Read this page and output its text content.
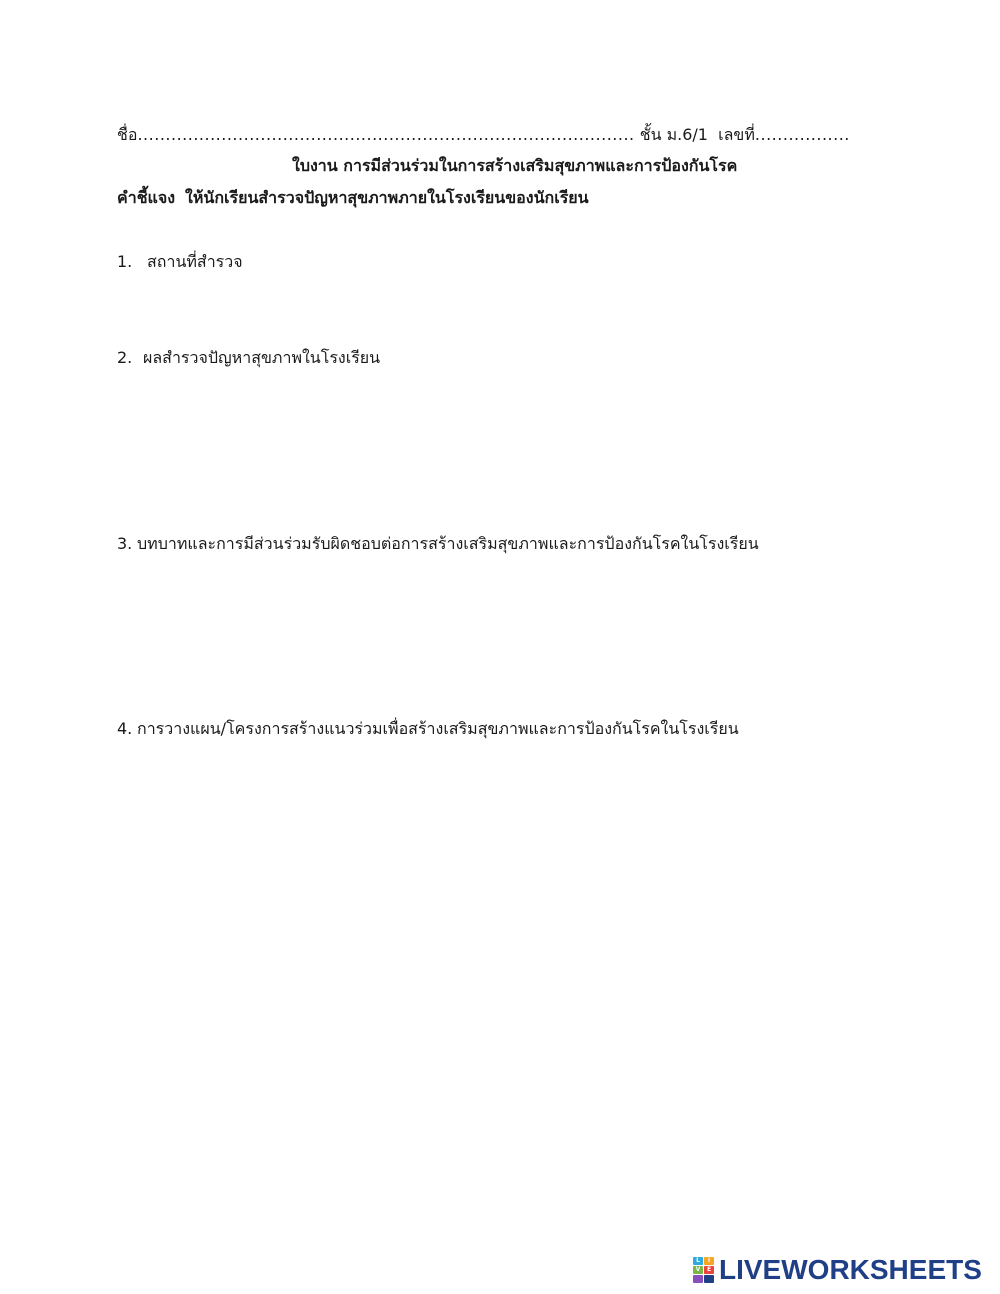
ชื่อ......................................................................................... ชั้น ม.6/1 เลขที่.................
ใบงาน การมีส่วนร่วมในการสร้างเสริมสุขภาพและการป้องกันโรค
คำชี้แจง ให้นักเรียนสำรวจปัญหาสุขภาพภายในโรงเรียนของนักเรียน
1. สถานที่สำรวจ
2. ผลสำรวจปัญหาสุขภาพในโรงเรียน
3. บทบาทและการมีส่วนร่วมรับผิดชอบต่อการสร้างเสริมสุขภาพและการป้องกันโรคในโรงเรียน
4. การวางแผน/โครงการสร้างแนวร่วมเพื่อสร้างเสริมสุขภาพและการป้องกันโรคในโรงเรียน
L	I
V	E LIVEWORKSHEETS
